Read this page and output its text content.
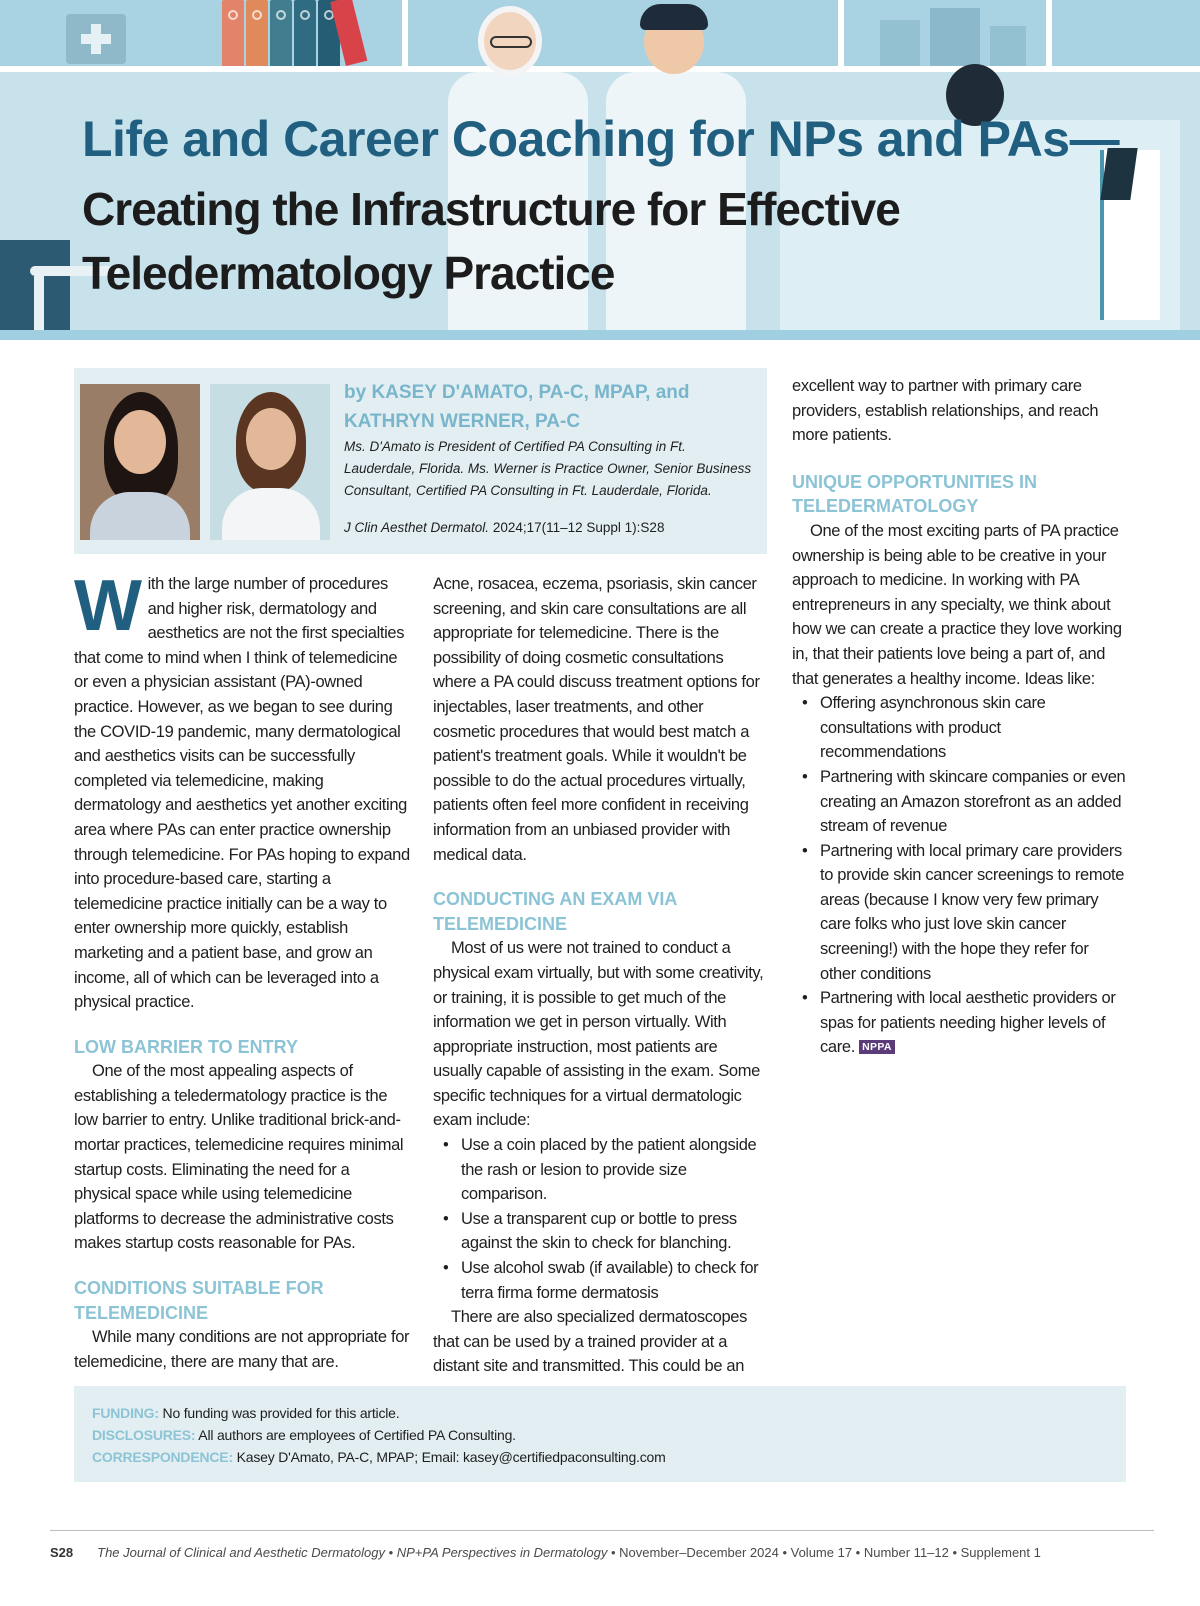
Life and Career Coaching for NPs and PAs—
Creating the Infrastructure for Effective Teledermatology Practice
by KASEY D'AMATO, PA-C, MPAP, and KATHRYN WERNER, PA-C
Ms. D'Amato is President of Certified PA Consulting in Ft. Lauderdale, Florida. Ms. Werner is Practice Owner, Senior Business Consultant, Certified PA Consulting in Ft. Lauderdale, Florida.
J Clin Aesthet Dermatol. 2024;17(11–12 Suppl 1):S28

With the large number of procedures and higher risk, dermatology and aesthetics are not the first specialties that come to mind when I think of telemedicine or even a physician assistant (PA)-owned practice. However, as we began to see during the COVID-19 pandemic, many dermatological and aesthetics visits can be successfully completed via telemedicine, making dermatology and aesthetics yet another exciting area where PAs can enter practice ownership through telemedicine. For PAs hoping to expand into procedure-based care, starting a telemedicine practice initially can be a way to enter ownership more quickly, establish marketing and a patient base, and grow an income, all of which can be leveraged into a physical practice.

LOW BARRIER TO ENTRY

One of the most appealing aspects of establishing a teledermatology practice is the low barrier to entry. Unlike traditional brick-and-mortar practices, telemedicine requires minimal startup costs. Eliminating the need for a physical space while using telemedicine platforms to decrease the administrative costs makes startup costs reasonable for PAs.

CONDITIONS SUITABLE FOR TELEMEDICINE

While many conditions are not appropriate for telemedicine, there are many that are.

Acne, rosacea, eczema, psoriasis, skin cancer screening, and skin care consultations are all appropriate for telemedicine. There is the possibility of doing cosmetic consultations where a PA could discuss treatment options for injectables, laser treatments, and other cosmetic procedures that would best match a patient's treatment goals. While it wouldn't be possible to do the actual procedures virtually, patients often feel more confident in receiving information from an unbiased provider with medical data.

CONDUCTING AN EXAM VIA TELEMEDICINE

Most of us were not trained to conduct a physical exam virtually, but with some creativity, or training, it is possible to get much of the information we get in person virtually. With appropriate instruction, most patients are usually capable of assisting in the exam. Some specific techniques for a virtual dermatologic exam include:

• Use a coin placed by the patient alongside the rash or lesion to provide size comparison.
• Use a transparent cup or bottle to press against the skin to check for blanching.
• Use alcohol swab (if available) to check for terra firma forme dermatosis

There are also specialized dermatoscopes that can be used by a trained provider at a distant site and transmitted. This could be an

excellent way to partner with primary care providers, establish relationships, and reach more patients.

UNIQUE OPPORTUNITIES IN TELEDERMATOLOGY

One of the most exciting parts of PA practice ownership is being able to be creative in your approach to medicine. In working with PA entrepreneurs in any specialty, we think about how we can create a practice they love working in, that their patients love being a part of, and that generates a healthy income. Ideas like:

• Offering asynchronous skin care consultations with product recommendations
• Partnering with skincare companies or even creating an Amazon storefront as an added stream of revenue
• Partnering with local primary care providers to provide skin cancer screenings to remote areas (because I know very few primary care folks who just love skin cancer screening!) with the hope they refer for other conditions
• Partnering with local aesthetic providers or spas for patients needing higher levels of care. NPPA
FUNDING: No funding was provided for this article.
DISCLOSURES: All authors are employees of Certified PA Consulting.
CORRESPONDENCE: Kasey D'Amato, PA-C, MPAP; Email: kasey@certifiedpaconsulting.com
S28 The Journal of Clinical and Aesthetic Dermatology • NP+PA Perspectives in Dermatology • November–December 2024 • Volume 17 • Number 11–12 • Supplement 1
